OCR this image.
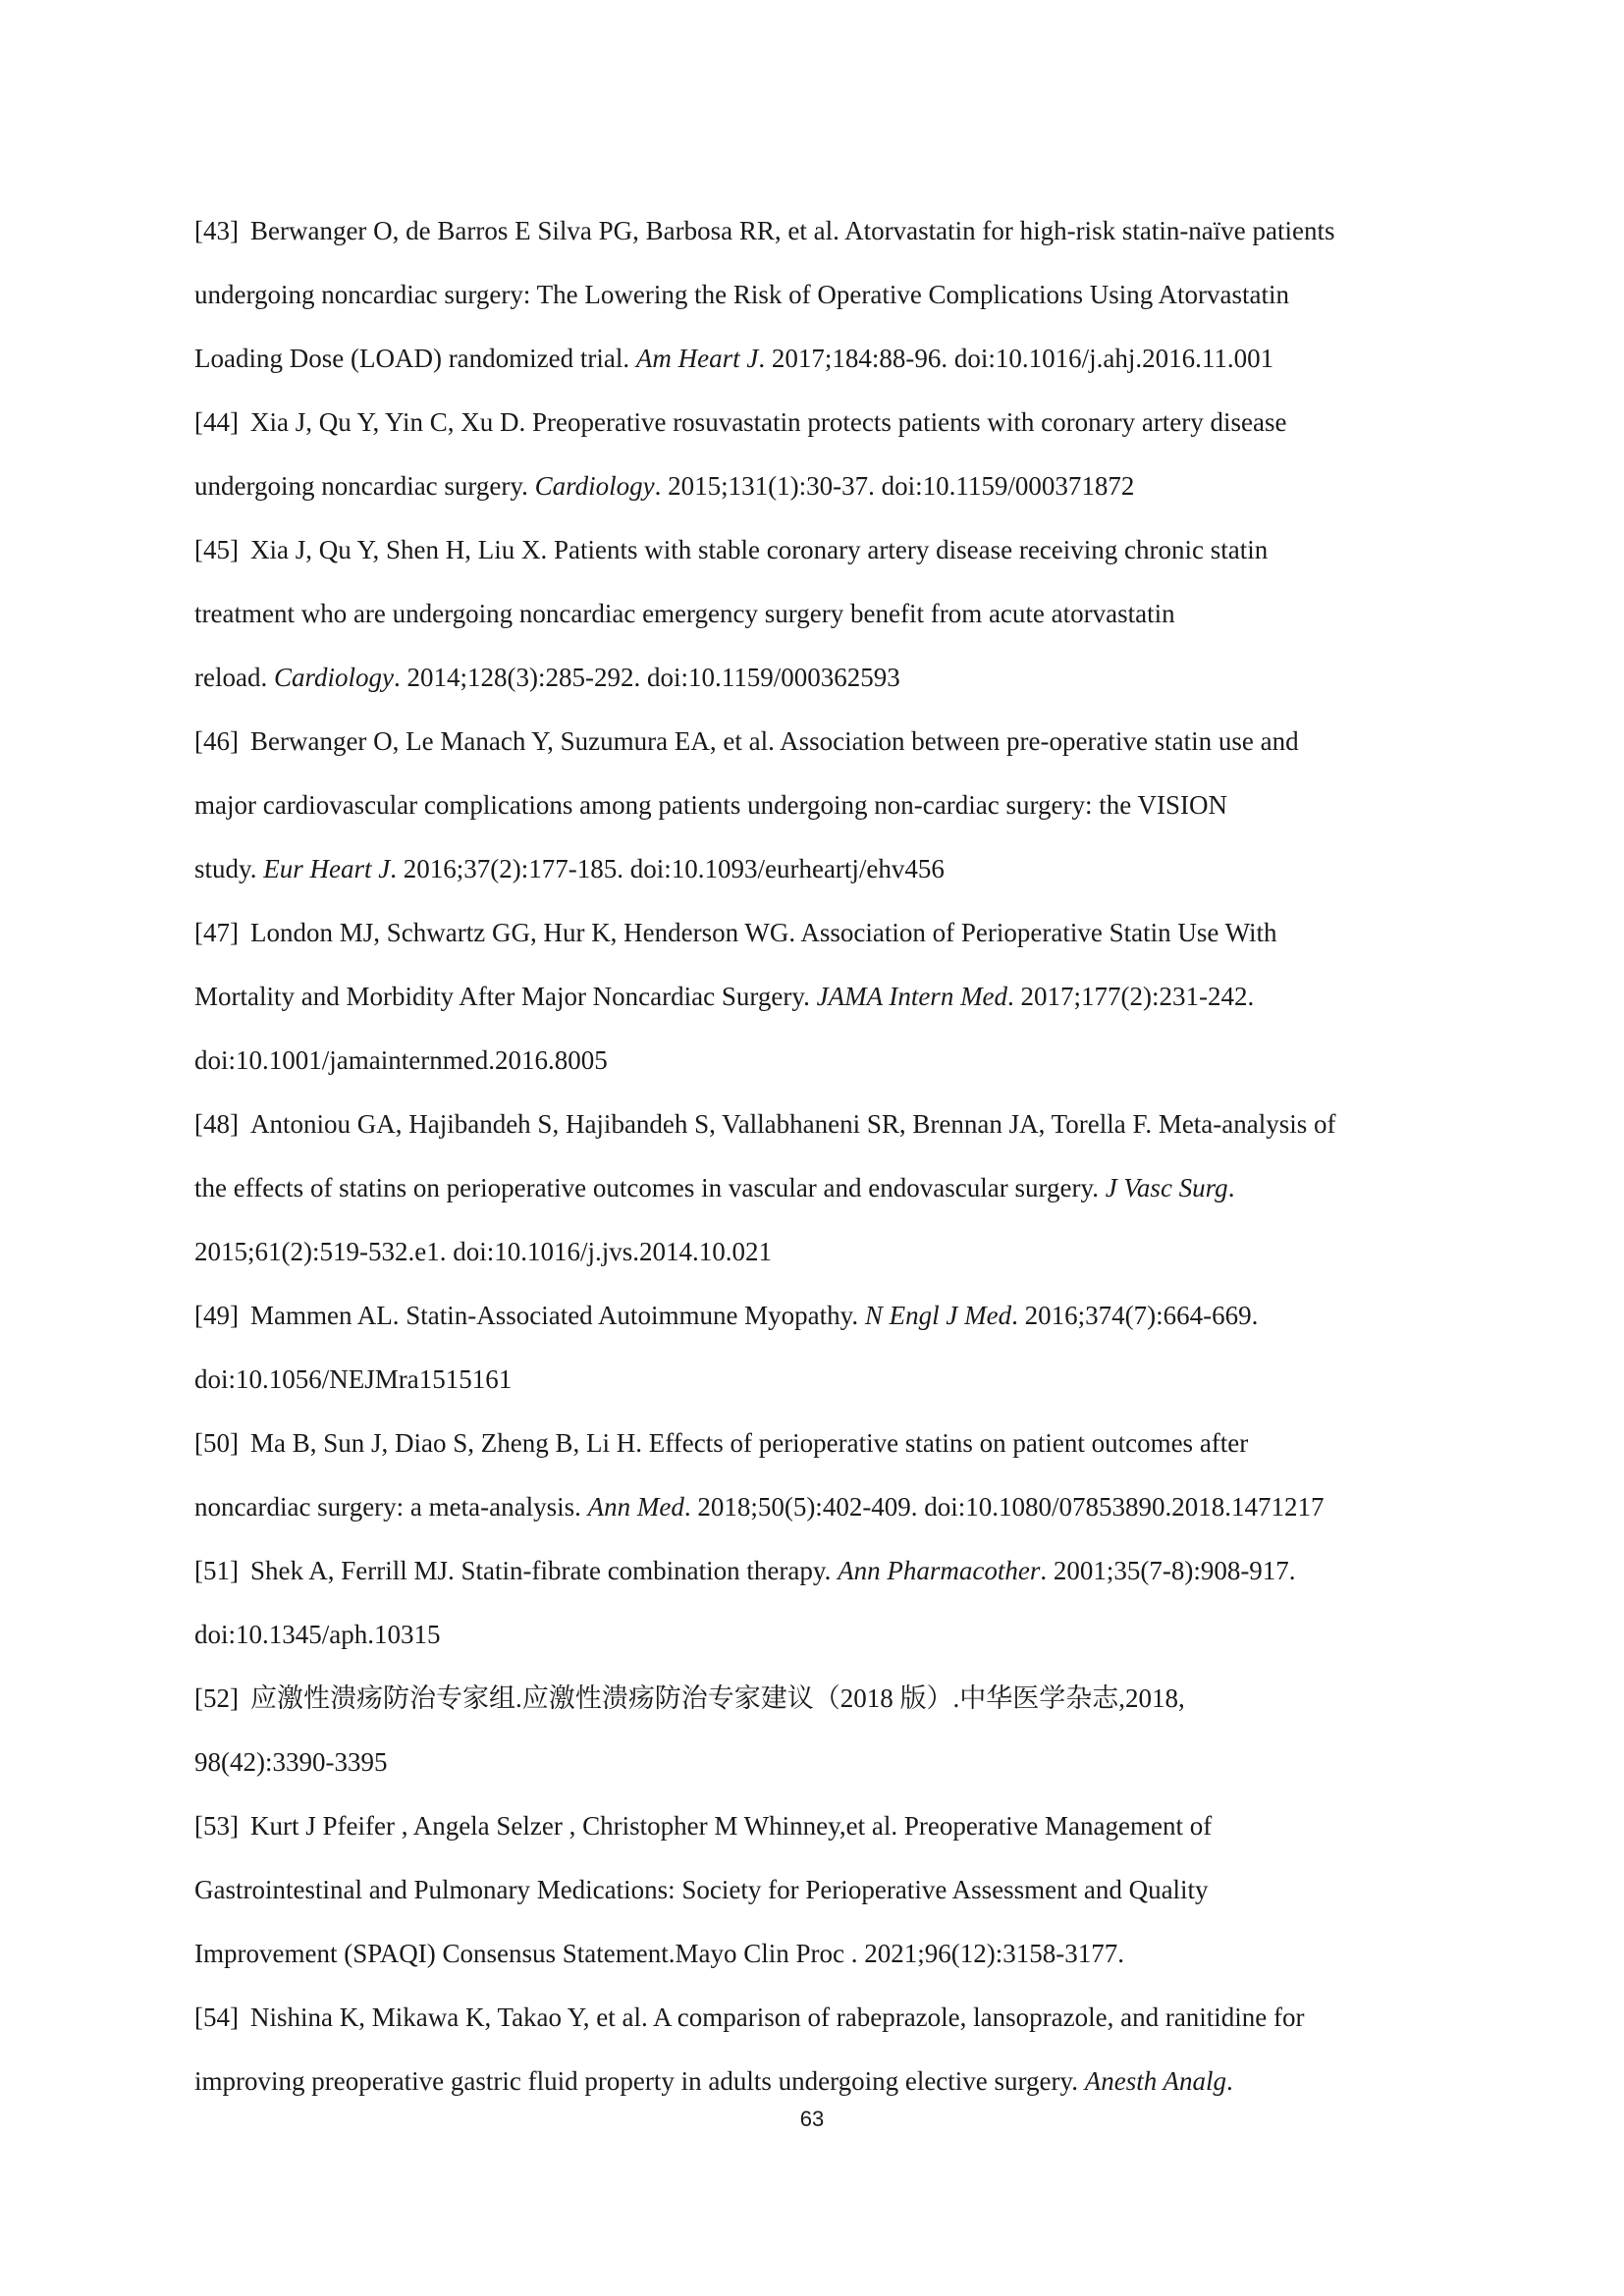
[43] Berwanger O, de Barros E Silva PG, Barbosa RR, et al. Atorvastatin for high-risk statin-naïve patients
undergoing noncardiac surgery: The Lowering the Risk of Operative Complications Using Atorvastatin
Loading Dose (LOAD) randomized trial. Am Heart J. 2017;184:88-96. doi:10.1016/j.ahj.2016.11.001
[44] Xia J, Qu Y, Yin C, Xu D. Preoperative rosuvastatin protects patients with coronary artery disease
undergoing noncardiac surgery. Cardiology. 2015;131(1):30-37. doi:10.1159/000371872
[45] Xia J, Qu Y, Shen H, Liu X. Patients with stable coronary artery disease receiving chronic statin
treatment who are undergoing noncardiac emergency surgery benefit from acute atorvastatin
reload. Cardiology. 2014;128(3):285-292. doi:10.1159/000362593
[46] Berwanger O, Le Manach Y, Suzumura EA, et al. Association between pre-operative statin use and
major cardiovascular complications among patients undergoing non-cardiac surgery: the VISION
study. Eur Heart J. 2016;37(2):177-185. doi:10.1093/eurheartj/ehv456
[47] London MJ, Schwartz GG, Hur K, Henderson WG. Association of Perioperative Statin Use With
Mortality and Morbidity After Major Noncardiac Surgery. JAMA Intern Med. 2017;177(2):231-242.
doi:10.1001/jamainternmed.2016.8005
[48] Antoniou GA, Hajibandeh S, Hajibandeh S, Vallabhaneni SR, Brennan JA, Torella F. Meta-analysis of
the effects of statins on perioperative outcomes in vascular and endovascular surgery. J Vasc Surg.
2015;61(2):519-532.e1. doi:10.1016/j.jvs.2014.10.021
[49] Mammen AL. Statin-Associated Autoimmune Myopathy. N Engl J Med. 2016;374(7):664-669.
doi:10.1056/NEJMra1515161
[50] Ma B, Sun J, Diao S, Zheng B, Li H. Effects of perioperative statins on patient outcomes after
noncardiac surgery: a meta-analysis. Ann Med. 2018;50(5):402-409. doi:10.1080/07853890.2018.1471217
[51] Shek A, Ferrill MJ. Statin-fibrate combination therapy. Ann Pharmacother. 2001;35(7-8):908-917.
doi:10.1345/aph.10315
[52] 应激性溃疡防治专家组.应激性溃疡防治专家建议（2018 版）.中华医学杂志,2018,
98(42):3390-3395
[53] Kurt J Pfeifer , Angela Selzer , Christopher M Whinney,et al. Preoperative Management of
Gastrointestinal and Pulmonary Medications: Society for Perioperative Assessment and Quality
Improvement (SPAQI) Consensus Statement.Mayo Clin Proc . 2021;96(12):3158-3177.
[54] Nishina K, Mikawa K, Takao Y, et al. A comparison of rabeprazole, lansoprazole, and ranitidine for
improving preoperative gastric fluid property in adults undergoing elective surgery. Anesth Analg.
63
